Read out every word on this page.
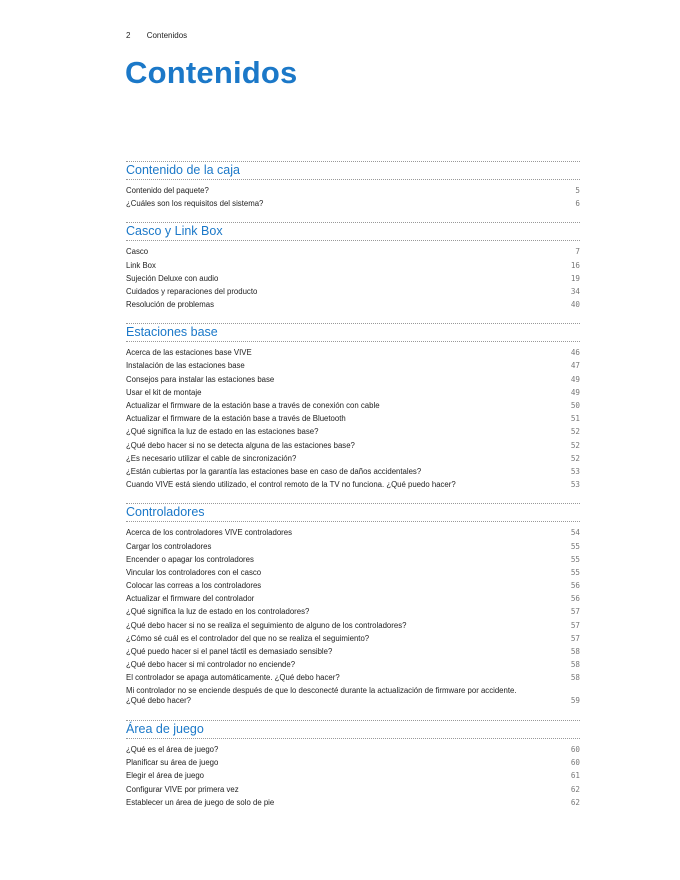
2 Contenidos
Contenidos
Contenido de la caja
Contenido del paquete?	5
¿Cuáles son los requisitos del sistema?	6
Casco y Link Box
Casco	7
Link Box	16
Sujeción Deluxe con audio	19
Cuidados y reparaciones del producto	34
Resolución de problemas	40
Estaciones base
Acerca de las estaciones base VIVE	46
Instalación de las estaciones base	47
Consejos para instalar las estaciones base	49
Usar el kit de montaje	49
Actualizar el firmware de la estación base a través de conexión con cable	50
Actualizar el firmware de la estación base a través de Bluetooth	51
¿Qué significa la luz de estado en las estaciones base?	52
¿Qué debo hacer si no se detecta alguna de las estaciones base?	52
¿Es necesario utilizar el cable de sincronización?	52
¿Están cubiertas por la garantía las estaciones base en caso de daños accidentales?	53
Cuando VIVE está siendo utilizado, el control remoto de la TV no funciona. ¿Qué puedo hacer?	53
Controladores
Acerca de los controladores VIVE controladores	54
Cargar los controladores	55
Encender o apagar los controladores	55
Vincular los controladores con el casco	55
Colocar las correas a los controladores	56
Actualizar el firmware del controlador	56
¿Qué significa la luz de estado en los controladores?	57
¿Qué debo hacer si no se realiza el seguimiento de alguno de los controladores?	57
¿Cómo sé cuál es el controlador del que no se realiza el seguimiento?	57
¿Qué puedo hacer si el panel táctil es demasiado sensible?	58
¿Qué debo hacer si mi controlador no enciende?	58
El controlador se apaga automáticamente. ¿Qué debo hacer?	58
Mi controlador no se enciende después de que lo desconecté durante la actualización de firmware por accidente.
¿Qué debo hacer?	59
Área de juego
¿Qué es el área de juego?	60
Planificar su área de juego	60
Elegir el área de juego	61
Configurar VIVE por primera vez	62
Establecer un área de juego de solo de pie	62
